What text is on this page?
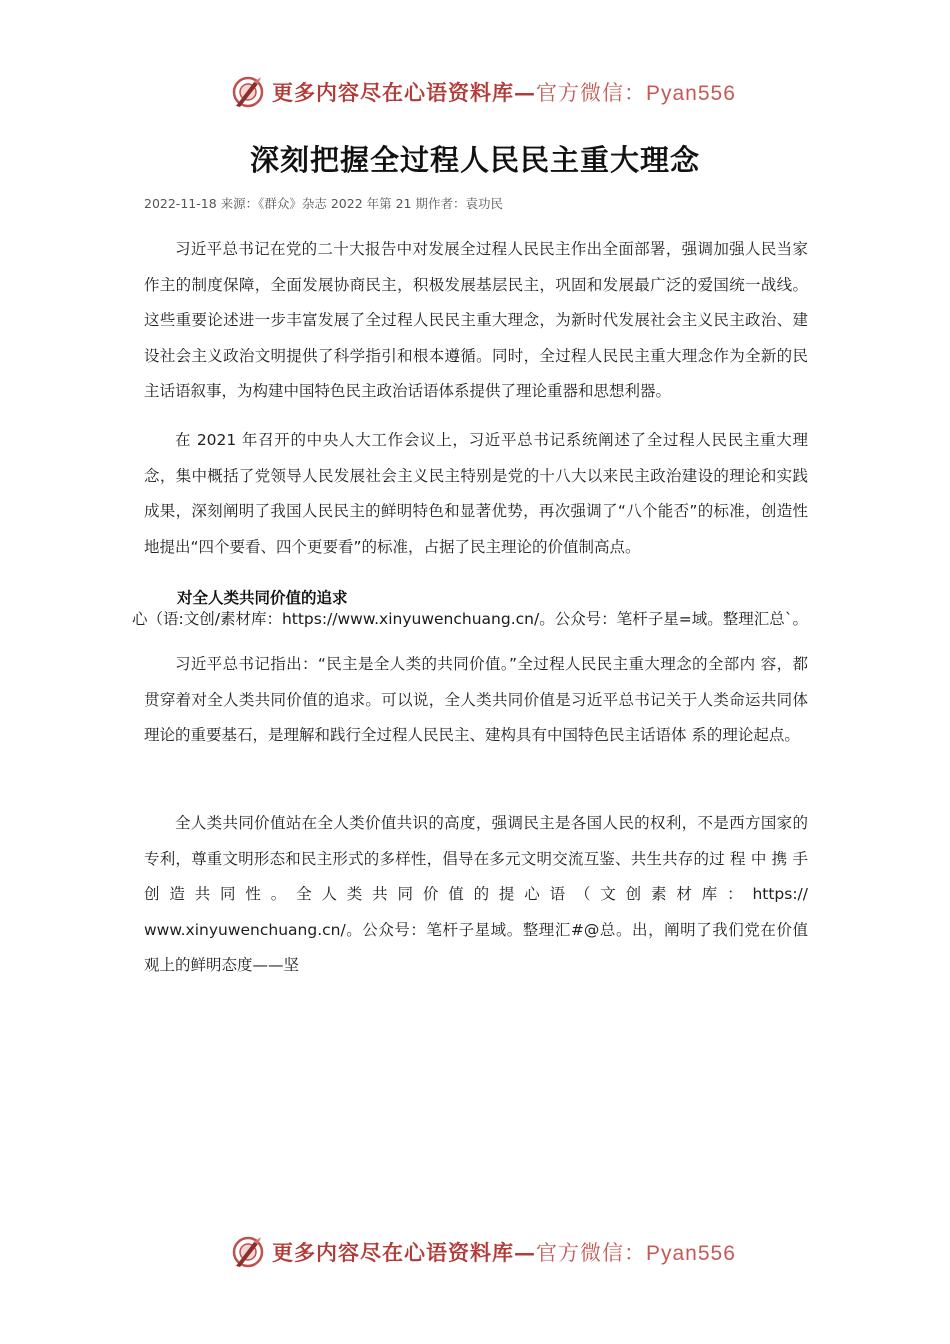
更多内容尽在心语资料库—官方微信：Pyan556
深刻把握全过程人民民主重大理念
2022-11-18 来源：《群众》杂志 2022 年第 21 期作者：袁功民

习近平总书记在党的二十大报告中对发展全过程人民民主作出全面部署，强调加强人民当家作主的制度保障，全面发展协商民主，积极发展基层民主，巩固和发展最广泛的爱国统一战线。这些重要论述进一步丰富发展了全过程人民民主重大理念，为新时代发展社会主义民主政治、建设社会主义政治文明提供了科学指引和根本遵循。同时，全过程人民民主重大理念作为全新的民主话语叙事，为构建中国特色民主政治话语体系提供了理论重器和思想利器。

在 2021 年召开的中央人大工作会议上，习近平总书记系统阐述了全过程人民民主重大理念，集中概括了党领导人民发展社会主义民主特别是党的十八大以来民主政治建设的理论和实践成果，深刻阐明了我国人民民主的鲜明特色和显著优势，再次强调了“八个能否”的标准，创造性地提出“四个要看、四个更要看”的标准，占据了民主理论的价值制高点。

对全人类共同价值的追求
心（语:文创/素材库：https://www.xinyuwenchuang.cn/。公众号：笔杆子星=域。整理汇总`。

习近平总书记指出：“民主是全人类的共同价值。”全过程人民民主重大理念的全部内 容，都贯穿着对全人类共同价值的追求。可以说，全人类共同价值是习近平总书记关于人类命运共同体理论的重要基石，是理解和践行全过程人民民主、建构具有中国特色民主话语体 系的理论起点。

全人类共同价值站在全人类价值共识的高度，强调民主是各国人民的权利，不是西方国家的专利，尊重文明形态和民主形式的多样性，倡导在多元文明交流互鉴、共生共存的过 程 中 携 手 创 造 共 同 性 。 全 人 类 共 同 价 值 的 提 心 语 （ 文 创 素 材 库 ： https:// www.xinyuwenchuang.cn/。公众号：笔杆子星域。整理汇#@总。出，阐明了我们党在价值观上的鲜明态度——坚

更多内容尽在心语资料库—官方微信：Pyan556
